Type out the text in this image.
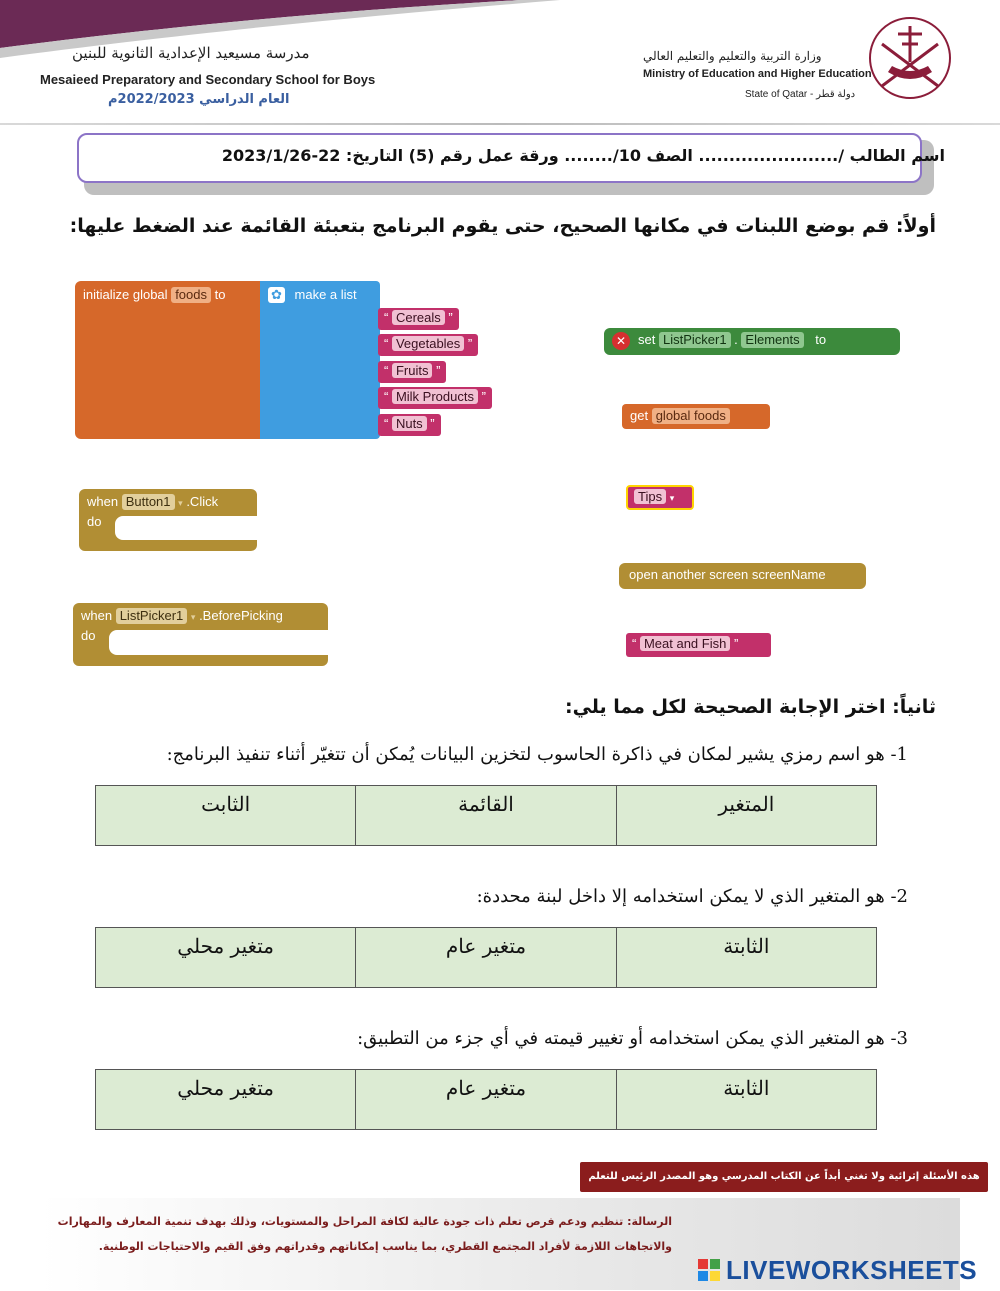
مدرسة مسيعيد الإعدادية الثانوية للبنين
Mesaieed Preparatory and Secondary School for Boys
العام الدراسي 2022/2023م
وزارة التربية والتعليم والتعليم العالي
Ministry of Education and Higher Education
State of Qatar - دولة قطر
اسم الطالب /....................... الصف 10/........ ورقة عمل رقم (5) التاريخ: 22-2023/1/26
أولاً: قم بوضع اللبنات في مكانها الصحيح، حتى يقوم البرنامج بتعبئة القائمة عند الضغط عليها:
initialize global foods to	✿ make a list
“ Cereals ”
“ Vegetables ”
“ Fruits ”
“ Milk Products ”
“ Nuts ”
when Button1 ▾ .Click
do
when ListPicker1 ▾ .BeforePicking
do
set ListPicker1 . Elements to
✕
get global foods
Tips ▾
open another screen screenName
“ Meat and Fish ”
ثانياً: اختر الإجابة الصحيحة لكل مما يلي:
1- هو اسم رمزي يشير لمكان في ذاكرة الحاسوب لتخزين البيانات يُمكن أن تتغيّر أثناء تنفيذ البرنامج:
الثابت	القائمة	المتغير
2- هو المتغير الذي لا يمكن استخدامه إلا داخل لبنة محددة:
متغير محلي	متغير عام	الثابتة
3- هو المتغير الذي يمكن استخدامه أو تغيير قيمته في أي جزء من التطبيق:
متغير محلي	متغير عام	الثابتة
هذه الأسئلة إثرائية ولا تغني أبداً عن الكتاب المدرسي وهو المصدر الرئيس للتعلم
الرسالة: تنظيم ودعم فرص تعلم ذات جودة عالية لكافة المراحل والمستويات، وذلك بهدف تنمية المعارف والمهارات
والاتجاهات اللازمة لأفراد المجتمع القطري، بما يناسب إمكاناتهم وقدراتهم وفق القيم والاحتياجات الوطنية.
LIVEWORKSHEETS
